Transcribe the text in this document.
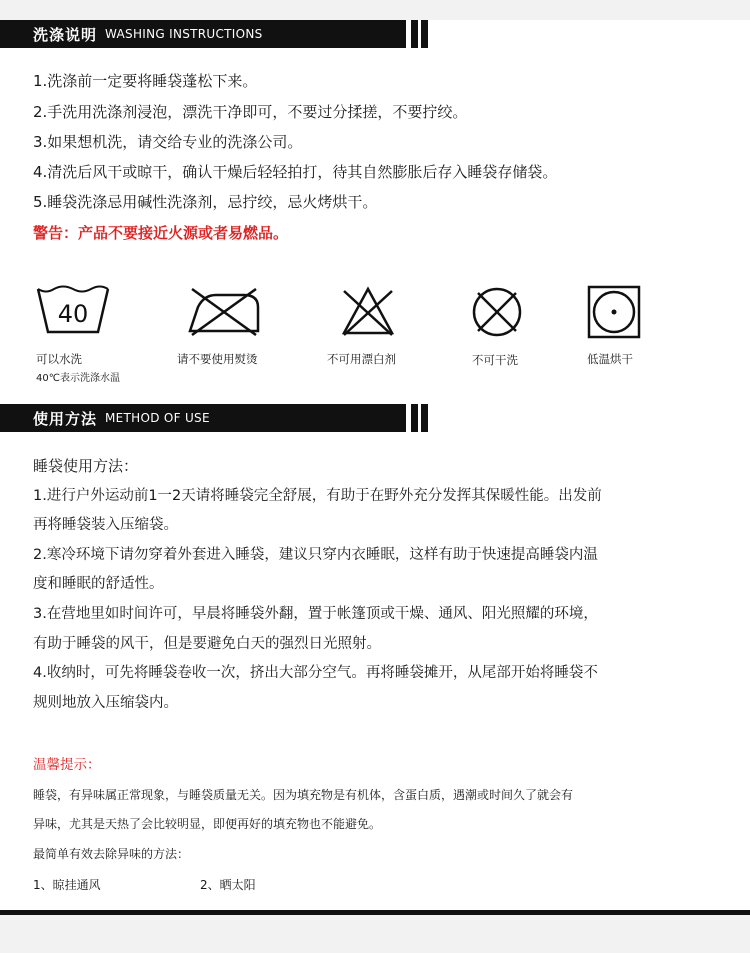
洗涤说明 WASHING INSTRUCTIONS
1.洗涤前一定要将睡袋蓬松下来。
2.手洗用洗涤剂浸泡，漂洗干净即可，不要过分揉搓，不要拧绞。
3.如果想机洗，请交给专业的洗涤公司。
4.清洗后风干或晾干，确认干燥后轻轻拍打，待其自然膨胀后存入睡袋存储袋。
5.睡袋洗涤忌用碱性洗涤剂，忌拧绞，忌火烤烘干。
警告：产品不要接近火源或者易燃品。
40
可以水洗
40℃表示洗涤水温
请不要使用熨烫	不可用漂白剂	不可干洗	低温烘干
使用方法 METHOD OF USE
睡袋使用方法：
1.进行户外运动前1一2天请将睡袋完全舒展，有助于在野外充分发挥其保暖性能。出发前
再将睡袋装入压缩袋。
2.寒冷环境下请勿穿着外套进入睡袋，建议只穿内衣睡眠，这样有助于快速提高睡袋内温
度和睡眠的舒适性。
3.在营地里如时间许可，早晨将睡袋外翻，置于帐篷顶或干燥、通风、阳光照耀的环境，
有助于睡袋的风干，但是要避免白天的强烈日光照射。
4.收纳时，可先将睡袋卷收一次，挤出大部分空气。再将睡袋摊开，从尾部开始将睡袋不
规则地放入压缩袋内。
温馨提示：
睡袋，有异味属正常现象，与睡袋质量无关。因为填充物是有机体，含蛋白质，遇潮或时间久了就会有
异味，尤其是天热了会比较明显，即便再好的填充物也不能避免。
最简单有效去除异味的方法：
1、晾挂通风	2、晒太阳
